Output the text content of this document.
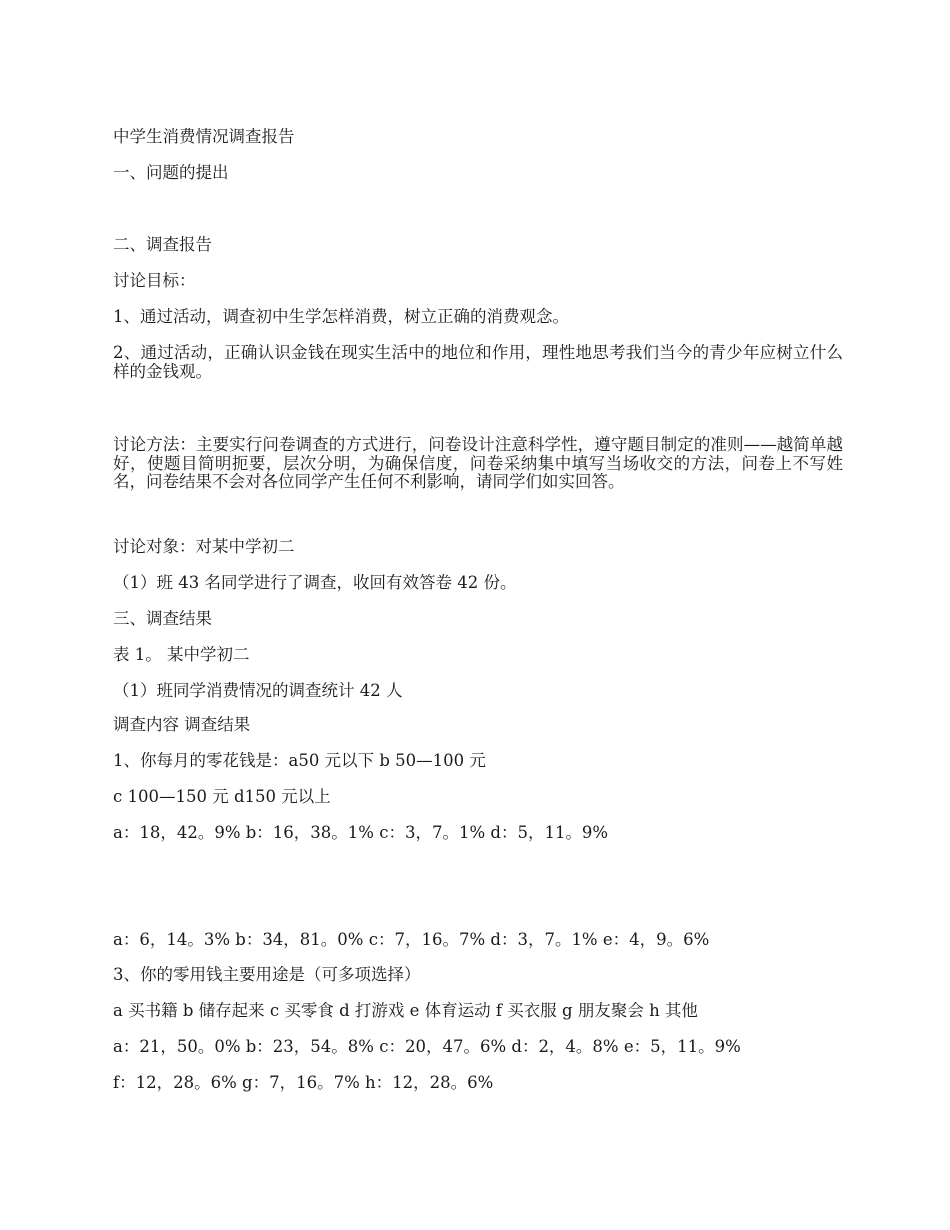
中学生消费情况调查报告

一、问题的提出

二、调查报告

讨论目标：

1、通过活动，调查初中生学怎样消费，树立正确的消费观念。

2、通过活动，正确认识金钱在现实生活中的地位和作用，理性地思考我们当今的青少年应树立什么样的金钱观。

讨论方法：主要实行问卷调查的方式进行，问卷设计注意科学性，遵守题目制定的准则——越简单越好，使题目简明扼要，层次分明，为确保信度，问卷采纳集中填写当场收交的方法，问卷上不写姓名，问卷结果不会对各位同学产生任何不利影响，请同学们如实回答。

讨论对象：对某中学初二

（1）班 43 名同学进行了调查，收回有效答卷 42 份。

三、调查结果

表 1。 某中学初二

（1）班同学消费情况的调查统计 42 人

调查内容 调查结果

1、你每月的零花钱是：a50 元以下 b 50—100 元

c 100—150 元 d150 元以上

a：18，42。9% b：16，38。1% c：3，7。1% d：5，11。9%

a：6，14。3% b：34，81。0% c：7，16。7% d：3，7。1% e：4，9。6%

3、你的零用钱主要用途是（可多项选择）

a 买书籍 b 储存起来 c 买零食 d 打游戏 e 体育运动 f 买衣服 g 朋友聚会 h 其他

a：21，50。0% b：23，54。8% c：20，47。6% d：2，4。8% e：5，11。9%

f：12，28。6% g：7，16。7% h：12，28。6%
